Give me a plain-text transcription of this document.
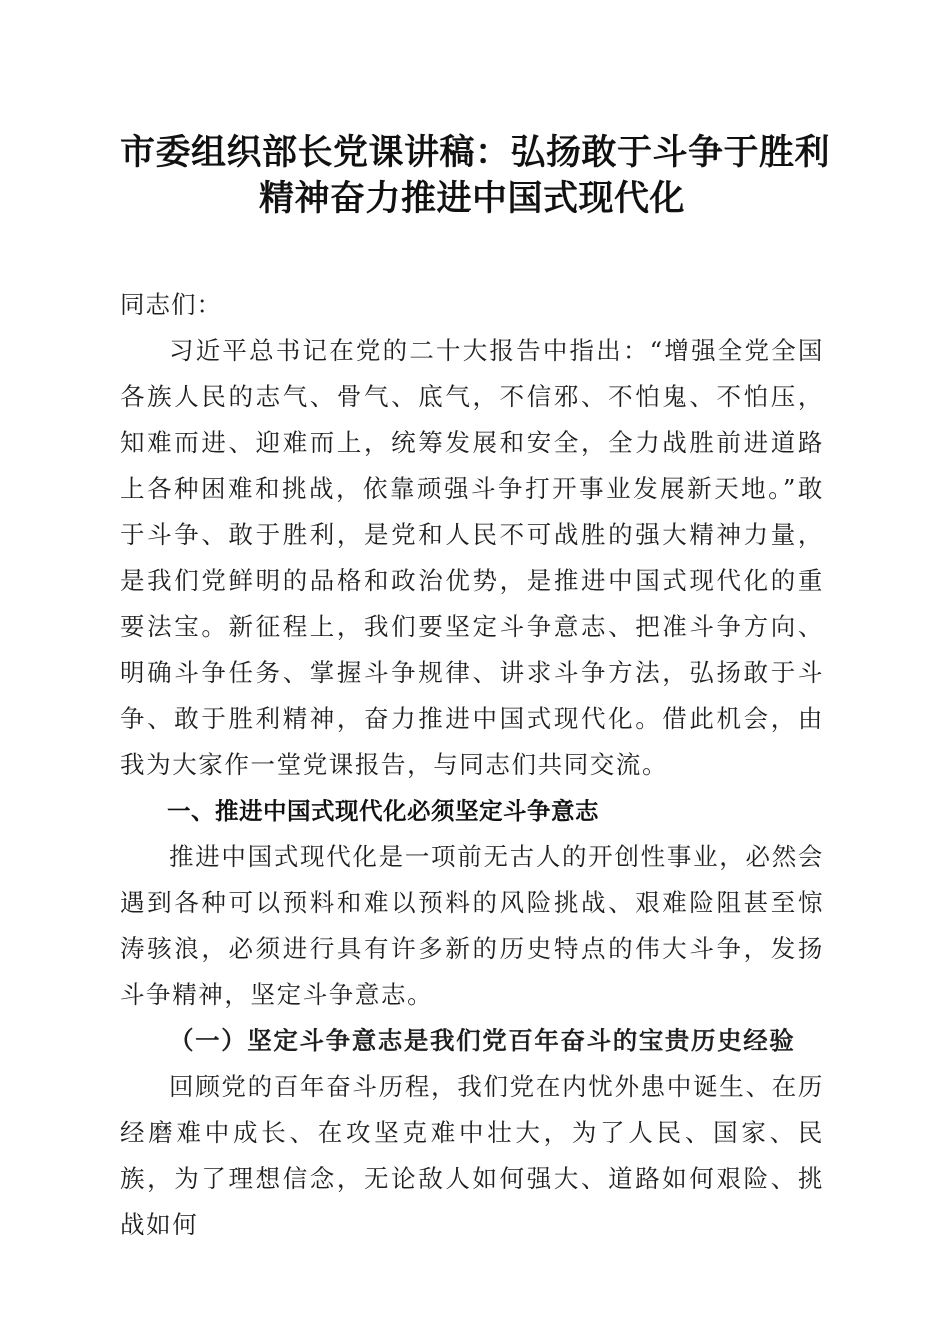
市委组织部长党课讲稿：弘扬敢于斗争于胜利
精神奋力推进中国式现代化

同志们：

习近平总书记在党的二十大报告中指出：“增强全党全国各族人民的志气、骨气、底气，不信邪、不怕鬼、不怕压，知难而进、迎难而上，统筹发展和安全，全力战胜前进道路上各种困难和挑战，依靠顽强斗争打开事业发展新天地。”敢于斗争、敢于胜利，是党和人民不可战胜的强大精神力量，是我们党鲜明的品格和政治优势，是推进中国式现代化的重要法宝。新征程上，我们要坚定斗争意志、把准斗争方向、明确斗争任务、掌握斗争规律、讲求斗争方法，弘扬敢于斗争、敢于胜利精神，奋力推进中国式现代化。借此机会，由我为大家作一堂党课报告，与同志们共同交流。

一、推进中国式现代化必须坚定斗争意志

推进中国式现代化是一项前无古人的开创性事业，必然会遇到各种可以预料和难以预料的风险挑战、艰难险阻甚至惊涛骇浪，必须进行具有许多新的历史特点的伟大斗争，发扬斗争精神，坚定斗争意志。

（一）坚定斗争意志是我们党百年奋斗的宝贵历史经验

回顾党的百年奋斗历程，我们党在内忧外患中诞生、在历经磨难中成长、在攻坚克难中壮大，为了人民、国家、民族，为了理想信念，无论敌人如何强大、道路如何艰险、挑战如何
